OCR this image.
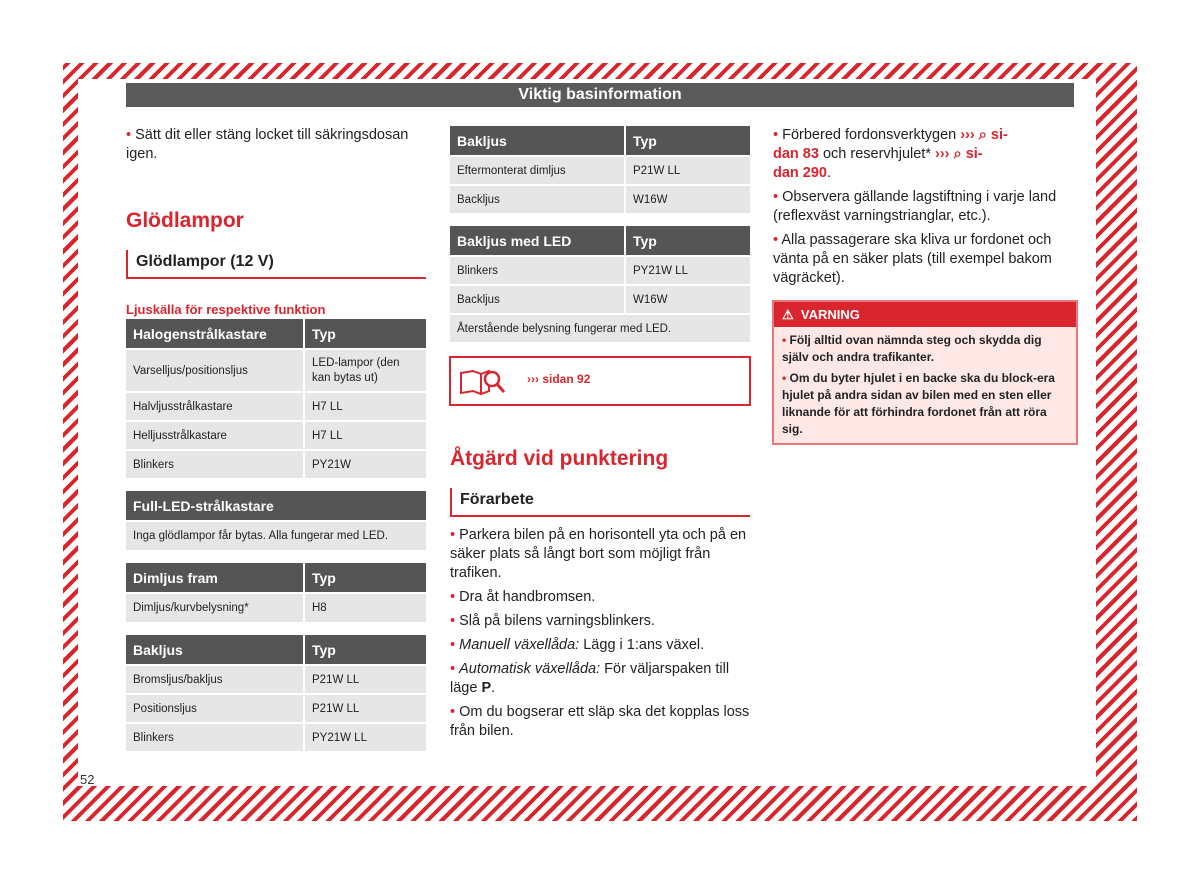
Viktig basinformation
• Sätt dit eller stäng locket till säkringsdosan igen.
Glödlampor
Glödlampor (12 V)
Ljuskälla för respektive funktion
Halogenstrålkastare	Typ
Varselljus/positionsljus	LED-lampor (den kan bytas ut)
Halvljusstrålkastare	H7 LL
Helljusstrålkastare	H7 LL
Blinkers	PY21W
Full-LED-strålkastare
Inga glödlampor får bytas. Alla fungerar med LED.
Dimljus fram	Typ
Dimljus/kurvbelysning*	H8
Bakljus	Typ
Bromsljus/bakljus	P21W LL
Positionsljus	P21W LL
Blinkers	PY21W LL
Bakljus	Typ
Eftermonterat dimljus	P21W LL
Backljus	W16W
Bakljus med LED	Typ
Blinkers	PY21W LL
Backljus	W16W
Återstående belysning fungerar med LED.	
››› sidan 92
Åtgärd vid punktering
Förarbete
• Parkera bilen på en horisontell yta och på en säker plats så långt bort som möjligt från trafiken.
• Dra åt handbromsen.
• Slå på bilens varningsblinkers.
• Manuell växellåda: Lägg i 1:ans växel.
• Automatisk växellåda: För väljarspaken till läge P.
• Om du bogserar ett släp ska det kopplas loss från bilen.
• Förbered fordonsverktygen ››› ⌕ si-
dan 83 och reservhjulet* ››› ⌕ si-
dan 290.
• Observera gällande lagstiftning i varje land (reflexväst varningstrianglar, etc.).
• Alla passagerare ska kliva ur fordonet och vänta på en säker plats (till exempel bakom vägräcket).
⚠ VARNING
• Följ alltid ovan nämnda steg och skydda dig själv och andra trafikanter.
• Om du byter hjulet i en backe ska du block-era hjulet på andra sidan av bilen med en sten eller liknande för att förhindra fordonet från att röra sig.
52
